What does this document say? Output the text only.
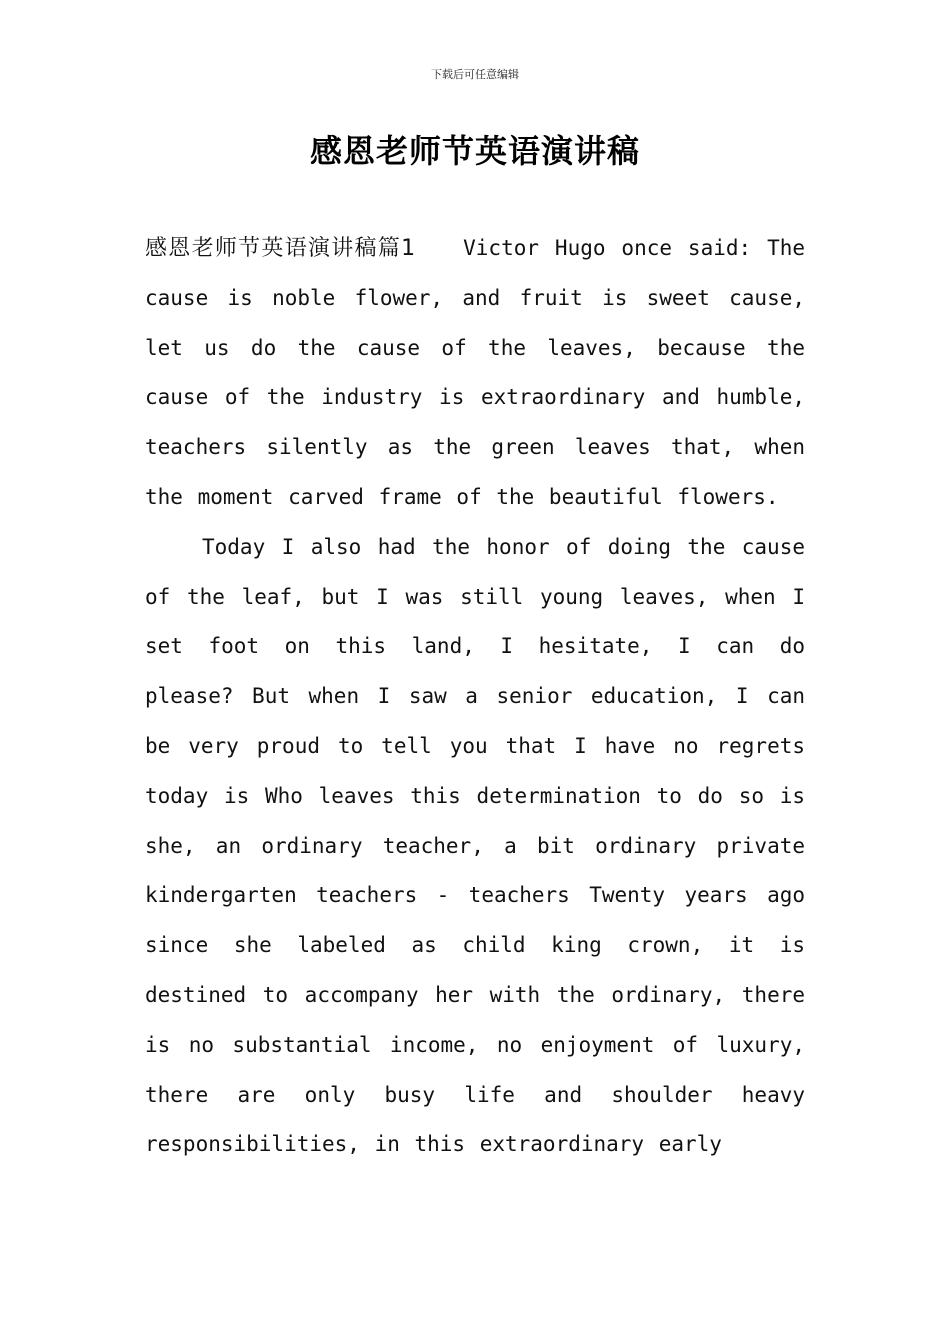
下载后可任意编辑
感恩老师节英语演讲稿

感恩老师节英语演讲稿篇1 Victor Hugo once said: The cause is noble flower, and fruit is sweet cause, let us do the cause of the leaves, because the cause of the industry is extraordinary and humble, teachers silently as the green leaves that, when the moment carved frame of the beautiful flowers.

Today I also had the honor of doing the cause of the leaf, but I was still young leaves, when I set foot on this land, I hesitate, I can do please? But when I saw a senior education, I can be very proud to tell you that I have no regrets today is Who leaves this determination to do so is she, an ordinary teacher, a bit ordinary private kindergarten teachers - teachers Twenty years ago since she labeled as child king crown, it is destined to accompany her with the ordinary, there is no substantial income, no enjoyment of luxury, there are only busy life and shoulder heavy responsibilities, in this extraordinary early
